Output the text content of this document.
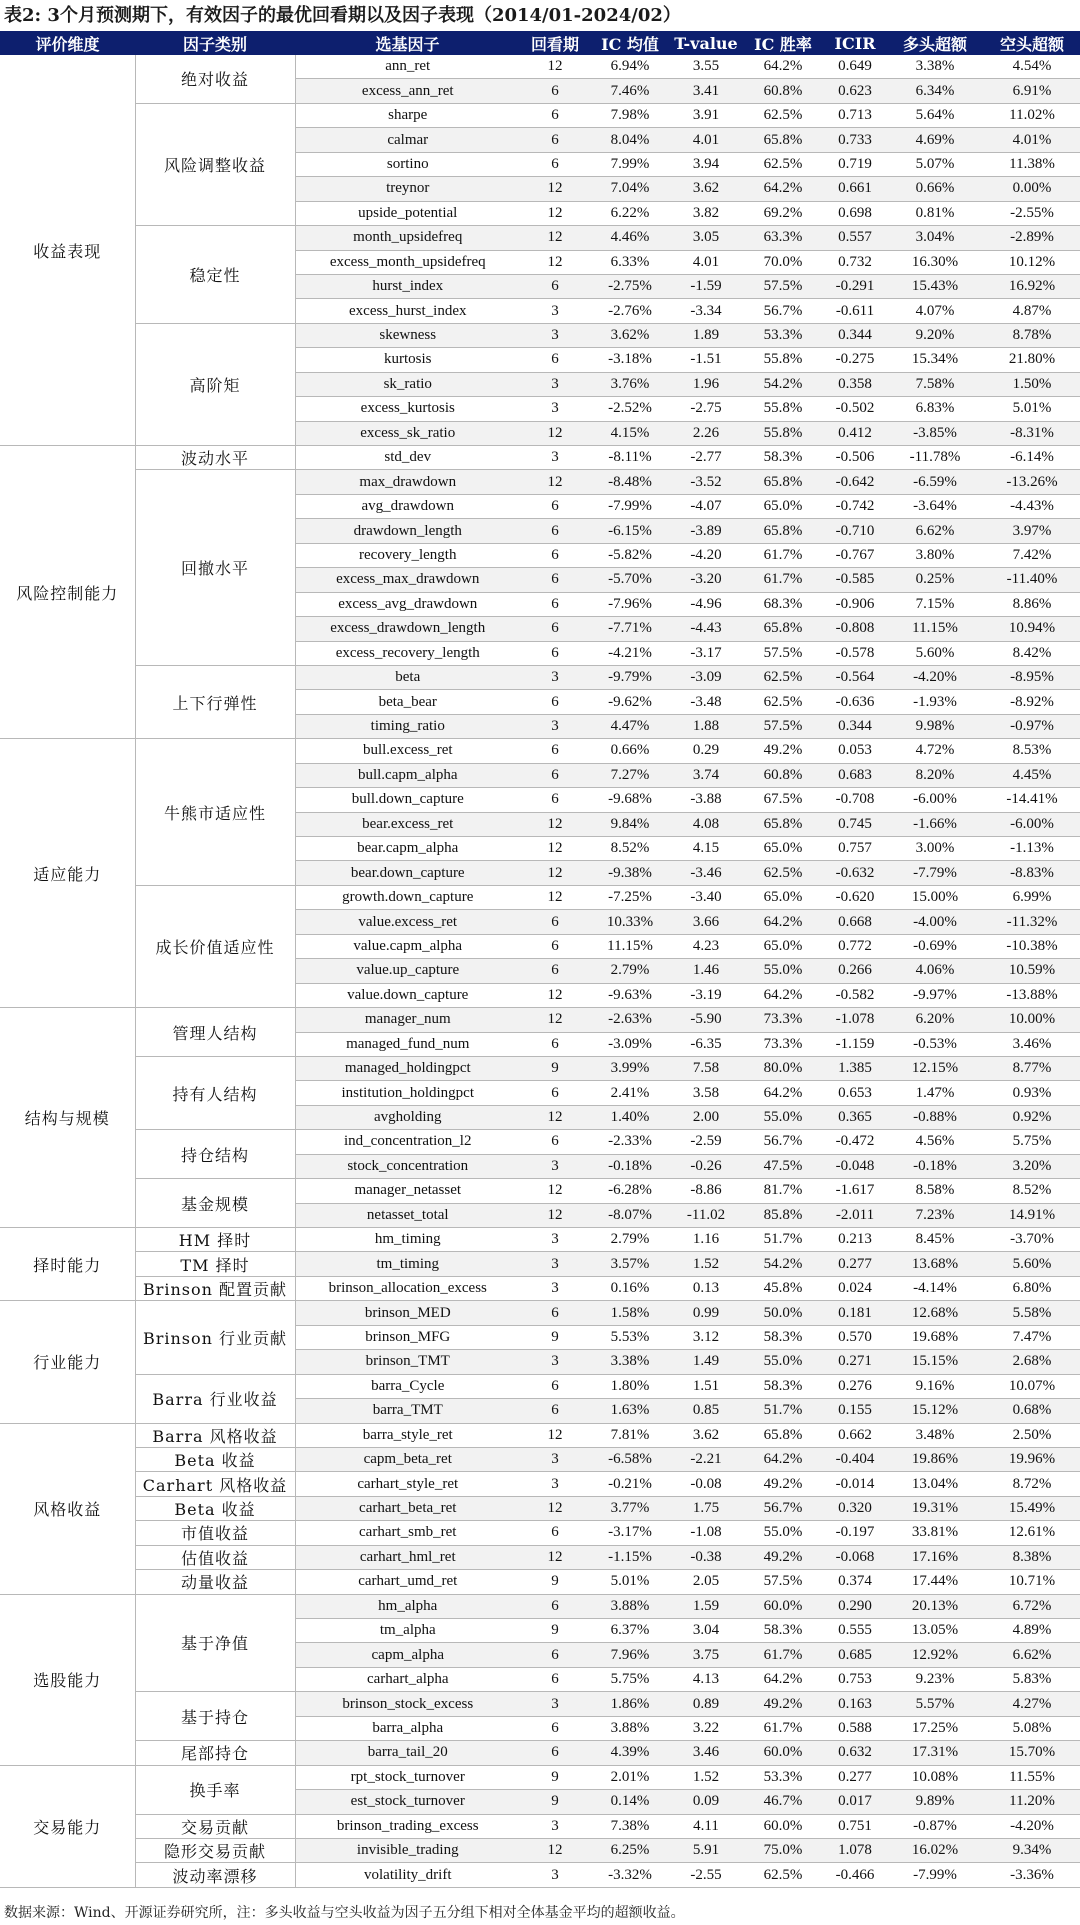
表2: 3个月预测期下，有效因子的最优回看期以及因子表现（2014/01-2024/02）
评价维度	因子类别	选基因子	回看期	IC 均值	T-value	IC 胜率	ICIR	多头超额	空头超额
收益表现	绝对收益	ann_ret	12	6.94%	3.55	64.2%	0.649	3.38%	4.54%
		excess_ann_ret	6	7.46%	3.41	60.8%	0.623	6.34%	6.91%
	风险调整收益	sharpe	6	7.98%	3.91	62.5%	0.713	5.64%	11.02%
		calmar	6	8.04%	4.01	65.8%	0.733	4.69%	4.01%
		sortino	6	7.99%	3.94	62.5%	0.719	5.07%	11.38%
		treynor	12	7.04%	3.62	64.2%	0.661	0.66%	0.00%
		upside_potential	12	6.22%	3.82	69.2%	0.698	0.81%	-2.55%
	稳定性	month_upsidefreq	12	4.46%	3.05	63.3%	0.557	3.04%	-2.89%
		excess_month_upsidefreq	12	6.33%	4.01	70.0%	0.732	16.30%	10.12%
		hurst_index	6	-2.75%	-1.59	57.5%	-0.291	15.43%	16.92%
		excess_hurst_index	3	-2.76%	-3.34	56.7%	-0.611	4.07%	4.87%
	高阶矩	skewness	3	3.62%	1.89	53.3%	0.344	9.20%	8.78%
		kurtosis	6	-3.18%	-1.51	55.8%	-0.275	15.34%	21.80%
		sk_ratio	3	3.76%	1.96	54.2%	0.358	7.58%	1.50%
		excess_kurtosis	3	-2.52%	-2.75	55.8%	-0.502	6.83%	5.01%
		excess_sk_ratio	12	4.15%	2.26	55.8%	0.412	-3.85%	-8.31%
风险控制能力	波动水平	std_dev	3	-8.11%	-2.77	58.3%	-0.506	-11.78%	-6.14%
	回撤水平	max_drawdown	12	-8.48%	-3.52	65.8%	-0.642	-6.59%	-13.26%
		avg_drawdown	6	-7.99%	-4.07	65.0%	-0.742	-3.64%	-4.43%
		drawdown_length	6	-6.15%	-3.89	65.8%	-0.710	6.62%	3.97%
		recovery_length	6	-5.82%	-4.20	61.7%	-0.767	3.80%	7.42%
		excess_max_drawdown	6	-5.70%	-3.20	61.7%	-0.585	0.25%	-11.40%
		excess_avg_drawdown	6	-7.96%	-4.96	68.3%	-0.906	7.15%	8.86%
		excess_drawdown_length	6	-7.71%	-4.43	65.8%	-0.808	11.15%	10.94%
		excess_recovery_length	6	-4.21%	-3.17	57.5%	-0.578	5.60%	8.42%
	上下行弹性	beta	3	-9.79%	-3.09	62.5%	-0.564	-4.20%	-8.95%
		beta_bear	6	-9.62%	-3.48	62.5%	-0.636	-1.93%	-8.92%
		timing_ratio	3	4.47%	1.88	57.5%	0.344	9.98%	-0.97%
适应能力	牛熊市适应性	bull.excess_ret	6	0.66%	0.29	49.2%	0.053	4.72%	8.53%
		bull.capm_alpha	6	7.27%	3.74	60.8%	0.683	8.20%	4.45%
		bull.down_capture	6	-9.68%	-3.88	67.5%	-0.708	-6.00%	-14.41%
		bear.excess_ret	12	9.84%	4.08	65.8%	0.745	-1.66%	-6.00%
		bear.capm_alpha	12	8.52%	4.15	65.0%	0.757	3.00%	-1.13%
		bear.down_capture	12	-9.38%	-3.46	62.5%	-0.632	-7.79%	-8.83%
	成长价值适应性	growth.down_capture	12	-7.25%	-3.40	65.0%	-0.620	15.00%	6.99%
		value.excess_ret	6	10.33%	3.66	64.2%	0.668	-4.00%	-11.32%
		value.capm_alpha	6	11.15%	4.23	65.0%	0.772	-0.69%	-10.38%
		value.up_capture	6	2.79%	1.46	55.0%	0.266	4.06%	10.59%
		value.down_capture	12	-9.63%	-3.19	64.2%	-0.582	-9.97%	-13.88%
结构与规模	管理人结构	manager_num	12	-2.63%	-5.90	73.3%	-1.078	6.20%	10.00%
		managed_fund_num	6	-3.09%	-6.35	73.3%	-1.159	-0.53%	3.46%
	持有人结构	managed_holdingpct	9	3.99%	7.58	80.0%	1.385	12.15%	8.77%
		institution_holdingpct	6	2.41%	3.58	64.2%	0.653	1.47%	0.93%
		avgholding	12	1.40%	2.00	55.0%	0.365	-0.88%	0.92%
	持仓结构	ind_concentration_l2	6	-2.33%	-2.59	56.7%	-0.472	4.56%	5.75%
		stock_concentration	3	-0.18%	-0.26	47.5%	-0.048	-0.18%	3.20%
	基金规模	manager_netasset	12	-6.28%	-8.86	81.7%	-1.617	8.58%	8.52%
		netasset_total	12	-8.07%	-11.02	85.8%	-2.011	7.23%	14.91%
择时能力	HM 择时	hm_timing	3	2.79%	1.16	51.7%	0.213	8.45%	-3.70%
	TM 择时	tm_timing	3	3.57%	1.52	54.2%	0.277	13.68%	5.60%
	Brinson 配置贡献	brinson_allocation_excess	3	0.16%	0.13	45.8%	0.024	-4.14%	6.80%
行业能力	Brinson 行业贡献	brinson_MED	6	1.58%	0.99	50.0%	0.181	12.68%	5.58%
		brinson_MFG	9	5.53%	3.12	58.3%	0.570	19.68%	7.47%
		brinson_TMT	3	3.38%	1.49	55.0%	0.271	15.15%	2.68%
	Barra 行业收益	barra_Cycle	6	1.80%	1.51	58.3%	0.276	9.16%	10.07%
		barra_TMT	6	1.63%	0.85	51.7%	0.155	15.12%	0.68%
风格收益	Barra 风格收益	barra_style_ret	12	7.81%	3.62	65.8%	0.662	3.48%	2.50%
	Beta 收益	capm_beta_ret	3	-6.58%	-2.21	64.2%	-0.404	19.86%	19.96%
	Carhart 风格收益	carhart_style_ret	3	-0.21%	-0.08	49.2%	-0.014	13.04%	8.72%
	Beta 收益	carhart_beta_ret	12	3.77%	1.75	56.7%	0.320	19.31%	15.49%
	市值收益	carhart_smb_ret	6	-3.17%	-1.08	55.0%	-0.197	33.81%	12.61%
	估值收益	carhart_hml_ret	12	-1.15%	-0.38	49.2%	-0.068	17.16%	8.38%
	动量收益	carhart_umd_ret	9	5.01%	2.05	57.5%	0.374	17.44%	10.71%
选股能力	基于净值	hm_alpha	6	3.88%	1.59	60.0%	0.290	20.13%	6.72%
		tm_alpha	9	6.37%	3.04	58.3%	0.555	13.05%	4.89%
		capm_alpha	6	7.96%	3.75	61.7%	0.685	12.92%	6.62%
		carhart_alpha	6	5.75%	4.13	64.2%	0.753	9.23%	5.83%
	基于持仓	brinson_stock_excess	3	1.86%	0.89	49.2%	0.163	5.57%	4.27%
		barra_alpha	6	3.88%	3.22	61.7%	0.588	17.25%	5.08%
	尾部持仓	barra_tail_20	6	4.39%	3.46	60.0%	0.632	17.31%	15.70%
交易能力	换手率	rpt_stock_turnover	9	2.01%	1.52	53.3%	0.277	10.08%	11.55%
		est_stock_turnover	9	0.14%	0.09	46.7%	0.017	9.89%	11.20%
	交易贡献	brinson_trading_excess	3	7.38%	4.11	60.0%	0.751	-0.87%	-4.20%
	隐形交易贡献	invisible_trading	12	6.25%	5.91	75.0%	1.078	16.02%	9.34%
	波动率漂移	volatility_drift	3	-3.32%	-2.55	62.5%	-0.466	-7.99%	-3.36%
数据来源：Wind、开源证券研究所，注：多头收益与空头收益为因子五分组下相对全体基金平均的超额收益。
